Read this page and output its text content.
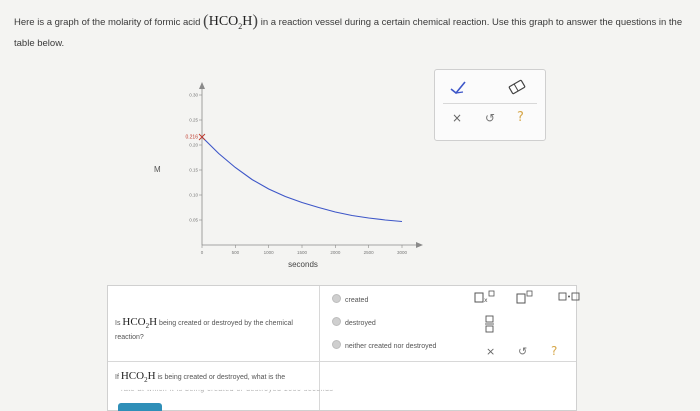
Here is a graph of the molarity of formic acid $(HCO_2H)$ in a reaction vessel during a certain chemical reaction. Use this graph to answer the questions in the table below.
M
seconds
0.05
0.10
0.15
0.20
0.25
0.30
0	500	1000	1500	2000	2500	3000
0.216
× ↺ ?
Is $HCO_2H$ being created or destroyed by the chemical reaction?
created
destroyed
neither created nor destroyed
If $HCO_2H$ is being created or destroyed, what is the
x
× ↺ ?
